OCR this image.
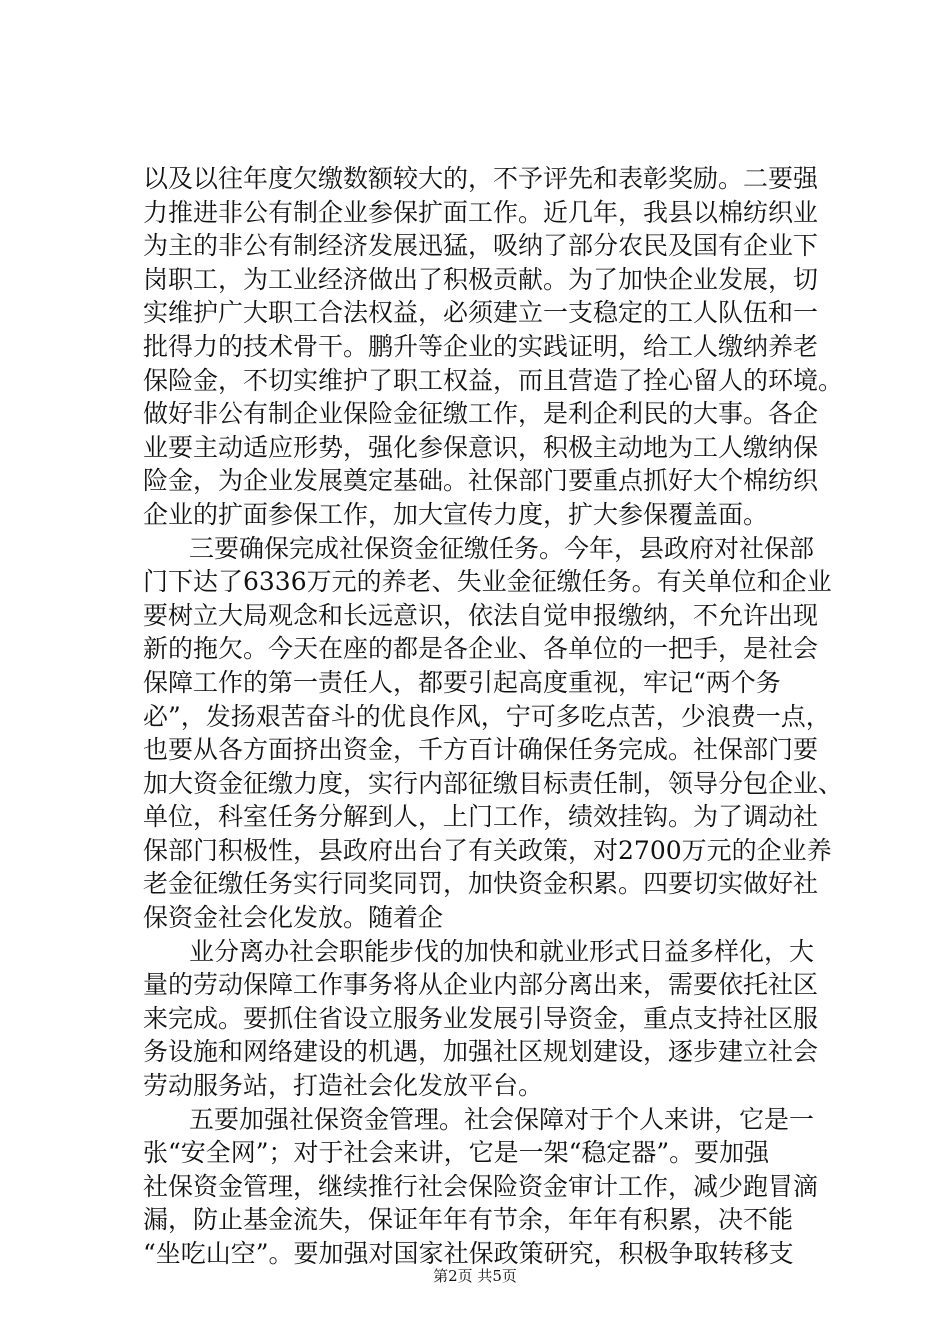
以及以往年度欠缴数额较大的，不予评先和表彰奖励。二要强
力推进非公有制企业参保扩面工作。近几年，我县以棉纺织业
为主的非公有制经济发展迅猛，吸纳了部分农民及国有企业下
岗职工，为工业经济做出了积极贡献。为了加快企业发展，切
实维护广大职工合法权益，必须建立一支稳定的工人队伍和一
批得力的技术骨干。鹏升等企业的实践证明，给工人缴纳养老
保险金，不切实维护了职工权益，而且营造了拴心留人的环境。
做好非公有制企业保险金征缴工作，是利企利民的大事。各企
业要主动适应形势，强化参保意识，积极主动地为工人缴纳保
险金，为企业发展奠定基础。社保部门要重点抓好大个棉纺织
企业的扩面参保工作，加大宣传力度，扩大参保覆盖面。
三要确保完成社保资金征缴任务。今年，县政府对社保部
门下达了6336万元的养老、失业金征缴任务。有关单位和企业
要树立大局观念和长远意识，依法自觉申报缴纳，不允许出现
新的拖欠。今天在座的都是各企业、各单位的一把手，是社会
保障工作的第一责任人，都要引起高度重视，牢记“两个务
必”，发扬艰苦奋斗的优良作风，宁可多吃点苦，少浪费一点，
也要从各方面挤出资金，千方百计确保任务完成。社保部门要
加大资金征缴力度，实行内部征缴目标责任制，领导分包企业、
单位，科室任务分解到人，上门工作，绩效挂钩。为了调动社
保部门积极性，县政府出台了有关政策，对2700万元的企业养
老金征缴任务实行同奖同罚，加快资金积累。四要切实做好社
保资金社会化发放。随着企
业分离办社会职能步伐的加快和就业形式日益多样化，大
量的劳动保障工作事务将从企业内部分离出来，需要依托社区
来完成。要抓住省设立服务业发展引导资金，重点支持社区服
务设施和网络建设的机遇，加强社区规划建设，逐步建立社会
劳动服务站，打造社会化发放平台。
五要加强社保资金管理。社会保障对于个人来讲，它是一
张“安全网”；对于社会来讲，它是一架“稳定器”。要加强
社保资金管理，继续推行社会保险资金审计工作，减少跑冒滴
漏，防止基金流失，保证年年有节余，年年有积累，决不能
“坐吃山空”。要加强对国家社保政策研究，积极争取转移支
第2页 共5页
